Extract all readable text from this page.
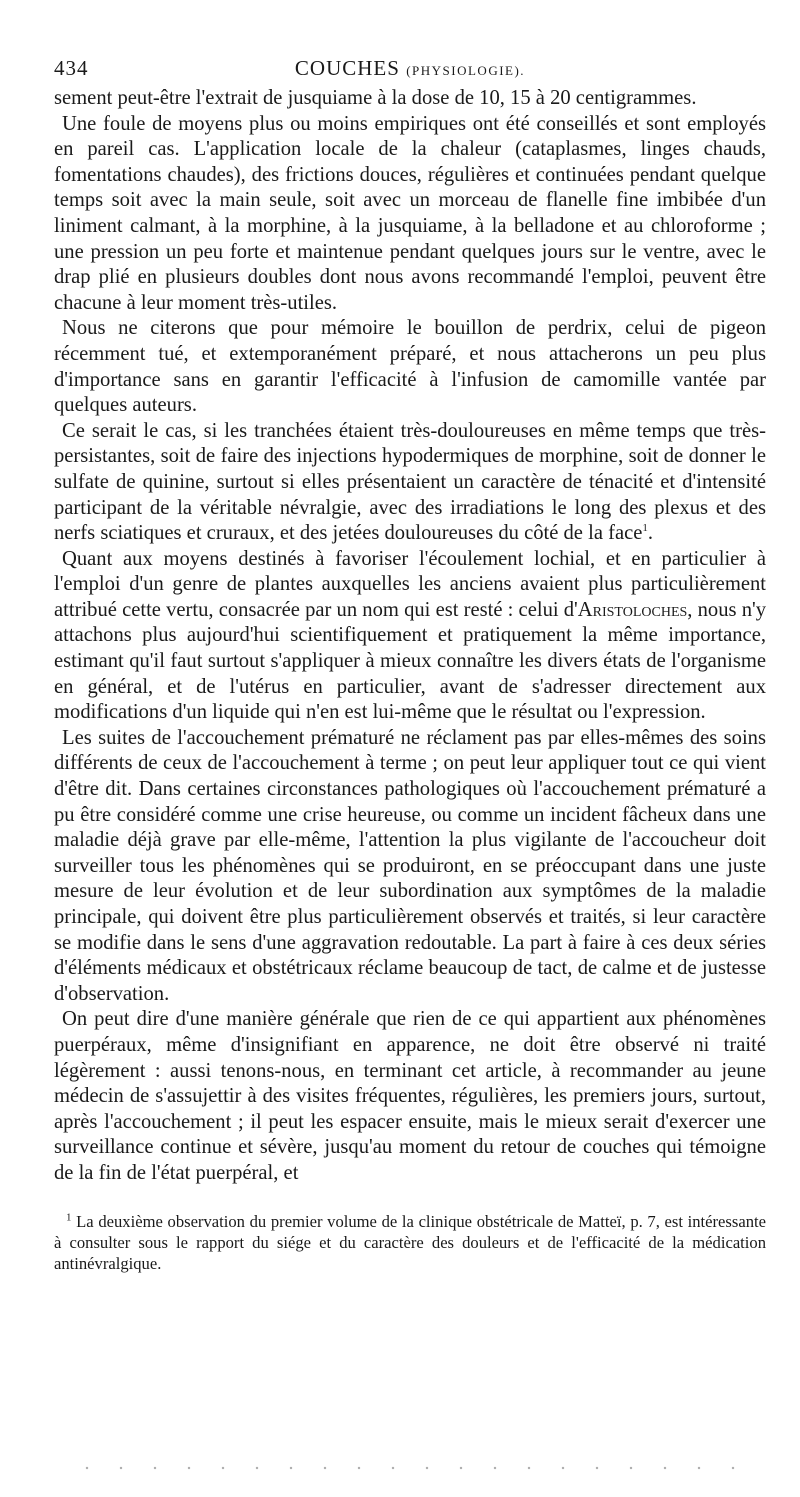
434	COUCHES (PHYSIOLOGIE).

sement peut-être l'extrait de jusquiame à la dose de 10, 15 à 20 centigrammes.

Une foule de moyens plus ou moins empiriques ont été conseillés et sont employés en pareil cas. L'application locale de la chaleur (cataplasmes, linges chauds, fomentations chaudes), des frictions douces, régulières et continuées pendant quelque temps soit avec la main seule, soit avec un morceau de flanelle fine imbibée d'un liniment calmant, à la morphine, à la jusquiame, à la belladone et au chloroforme ; une pression un peu forte et maintenue pendant quelques jours sur le ventre, avec le drap plié en plusieurs doubles dont nous avons recommandé l'emploi, peuvent être chacune à leur moment très-utiles.

Nous ne citerons que pour mémoire le bouillon de perdrix, celui de pigeon récemment tué, et extemporanément préparé, et nous attacherons un peu plus d'importance sans en garantir l'efficacité à l'infusion de camomille vantée par quelques auteurs.

Ce serait le cas, si les tranchées étaient très-douloureuses en même temps que très-persistantes, soit de faire des injections hypodermiques de morphine, soit de donner le sulfate de quinine, surtout si elles présentaient un caractère de ténacité et d'intensité participant de la véritable névralgie, avec des irradiations le long des plexus et des nerfs sciatiques et cruraux, et des jetées douloureuses du côté de la face$^1$.

Quant aux moyens destinés à favoriser l'écoulement lochial, et en particulier à l'emploi d'un genre de plantes auxquelles les anciens avaient plus particulièrement attribué cette vertu, consacrée par un nom qui est resté : celui d'Aristoloches, nous n'y attachons plus aujourd'hui scientifiquement et pratiquement la même importance, estimant qu'il faut surtout s'appliquer à mieux connaître les divers états de l'organisme en général, et de l'utérus en particulier, avant de s'adresser directement aux modifications d'un liquide qui n'en est lui-même que le résultat ou l'expression.

Les suites de l'accouchement prématuré ne réclament pas par elles-mêmes des soins différents de ceux de l'accouchement à terme ; on peut leur appliquer tout ce qui vient d'être dit. Dans certaines circonstances pathologiques où l'accouchement prématuré a pu être considéré comme une crise heureuse, ou comme un incident fâcheux dans une maladie déjà grave par elle-même, l'attention la plus vigilante de l'accoucheur doit surveiller tous les phénomènes qui se produiront, en se préoccupant dans une juste mesure de leur évolution et de leur subordination aux symptômes de la maladie principale, qui doivent être plus particulièrement observés et traités, si leur caractère se modifie dans le sens d'une aggravation redoutable. La part à faire à ces deux séries d'éléments médicaux et obstétricaux réclame beaucoup de tact, de calme et de justesse d'observation.

On peut dire d'une manière générale que rien de ce qui appartient aux phénomènes puerpéraux, même d'insignifiant en apparence, ne doit être observé ni traité légèrement : aussi tenons-nous, en terminant cet article, à recommander au jeune médecin de s'assujettir à des visites fréquentes, régulières, les premiers jours, surtout, après l'accouchement ; il peut les espacer ensuite, mais le mieux serait d'exercer une surveillance continue et sévère, jusqu'au moment du retour de couches qui témoigne de la fin de l'état puerpéral, et

$^1$ La deuxième observation du premier volume de la clinique obstétricale de Matteï, p. 7, est intéressante à consulter sous le rapport du siége et du caractère des douleurs et de l'efficacité de la médication antinévralgique.
